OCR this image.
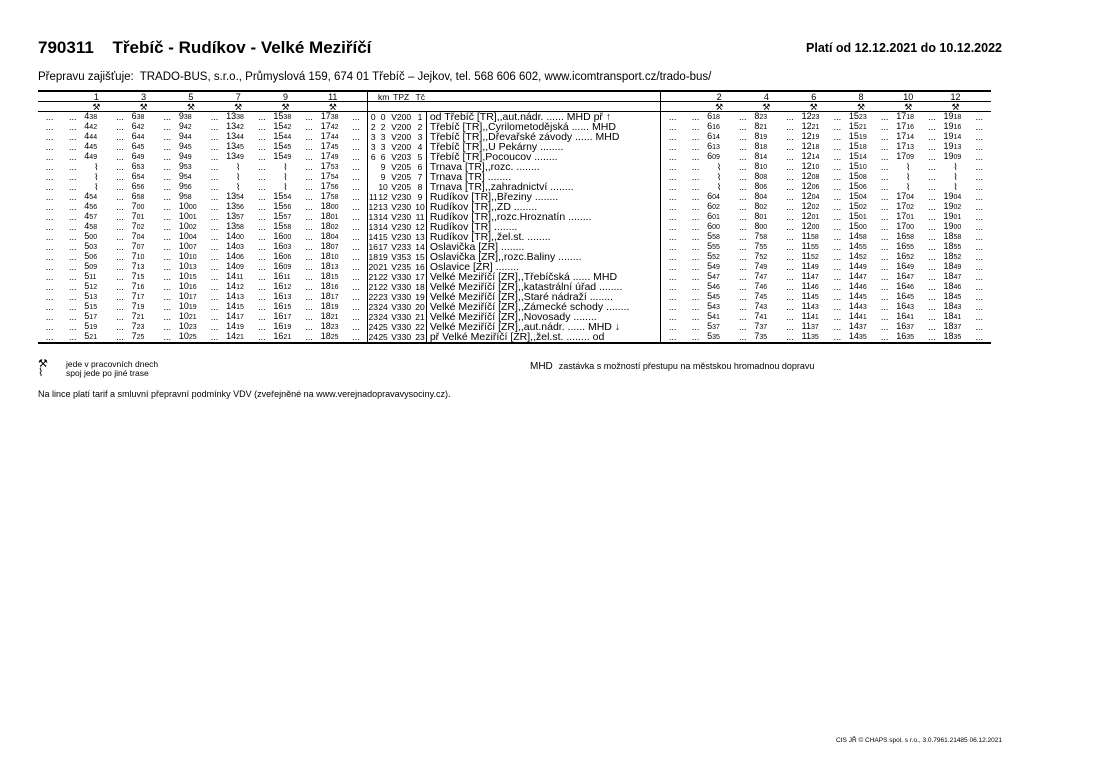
790311 Třebíč - Rudíkov - Velké Meziříčí	Platí od 12.12.2021 do 10.12.2022
Přepravu zajišťuje: TRADO-BUS, s.r.o., Průmyslová 159, 674 01 Třebíč – Jejkov, tel. 568 606 602, www.icomtransport.cz/trado-bus/
		1		3		5		7		9		11			km	TPZ	Tč				2		4		6		8		10		12	
		⚒		⚒		⚒		⚒		⚒		⚒									⚒		⚒		⚒		⚒		⚒		⚒	
...	...	438	...	638	...	938	...	1338	...	1538	...	1738	...	0	0	V200	1	od Třebíč [TR],,aut.nádr. ...... MHD př ↑	...	...	618	...	823	...	1223	...	1523	...	1718	...	1918	...
...	...	442	...	642	...	942	...	1342	...	1542	...	1742	...	2	2	V200	2	Třebíč [TR],,Cyrilometodějská ...... MHD	...	...	616	...	821	...	1221	...	1521	...	1716	...	1916	...
...	...	444	...	644	...	944	...	1344	...	1544	...	1744	...	3	3	V200	3	Třebíč [TR],,Dřevařské závody ...... MHD	...	...	614	...	819	...	1219	...	1519	...	1714	...	1914	...
...	...	445	...	645	...	945	...	1345	...	1545	...	1745	...	3	3	V200	4	Třebíč [TR],,U Pekárny ........	...	...	613	...	818	...	1218	...	1518	...	1713	...	1913	...
...	...	449	...	649	...	949	...	1349	...	1549	...	1749	...	6	6	V203	5	Třebíč [TR],Pocoucov ........	...	...	609	...	814	...	1214	...	1514	...	1709	...	1909	...
...	...	⌇	...	653	...	953	...	⌇	...	⌇	...	1753	...		9	V205	6	Trnava [TR],,rozc. ........	...	...	⌇	...	810	...	1210	...	1510	...	⌇	...	⌇	...
...	...	⌇	...	654	...	954	...	⌇	...	⌇	...	1754	...		9	V205	7	Trnava [TR] ........	...	...	⌇	...	808	...	1208	...	1508	...	⌇	...	⌇	...
...	...	⌇	...	656	...	956	...	⌇	...	⌇	...	1756	...		10	V205	8	Trnava [TR],,zahradnictví ........	...	...	⌇	...	806	...	1206	...	1506	...	⌇	...	⌇	...
...	...	454	...	658	...	958	...	1354	...	1554	...	1758	...	11	12	V230	9	Rudíkov [TR],,Březiny ........	...	...	604	...	804	...	1204	...	1504	...	1704	...	1904	...
...	...	456	...	700	...	1000	...	1356	...	1556	...	1800	...	12	13	V230	10	Rudíkov [TR],,ZD ........	...	...	602	...	802	...	1202	...	1502	...	1702	...	1902	...
...	...	457	...	701	...	1001	...	1357	...	1557	...	1801	...	13	14	V230	11	Rudíkov [TR],,rozc.Hroznatín ........	...	...	601	...	801	...	1201	...	1501	...	1701	...	1901	...
...	...	458	...	702	...	1002	...	1358	...	1558	...	1802	...	13	14	V230	12	Rudíkov [TR] ........	...	...	600	...	800	...	1200	...	1500	...	1700	...	1900	...
...	...	500	...	704	...	1004	...	1400	...	1600	...	1804	...	14	15	V230	13	Rudíkov [TR],,žel.st. ........	...	...	558	...	758	...	1158	...	1458	...	1658	...	1858	...
...	...	503	...	707	...	1007	...	1403	...	1603	...	1807	...	16	17	V233	14	Oslavička [ZR] ........	...	...	555	...	755	...	1155	...	1455	...	1655	...	1855	...
...	...	506	...	710	...	1010	...	1406	...	1606	...	1810	...	18	19	V353	15	Oslavička [ZR],,rozc.Baliny ........	...	...	552	...	752	...	1152	...	1452	...	1652	...	1852	...
...	...	509	...	713	...	1013	...	1409	...	1609	...	1813	...	20	21	V235	16	Oslavice [ZR] ........	...	...	549	...	749	...	1149	...	1449	...	1649	...	1849	...
...	...	511	...	715	...	1015	...	1411	...	1611	...	1815	...	21	22	V330	17	Velké Meziříčí [ZR],,Třebíčská ...... MHD	...	...	547	...	747	...	1147	...	1447	...	1647	...	1847	...
...	...	512	...	716	...	1016	...	1412	...	1612	...	1816	...	21	22	V330	18	Velké Meziříčí [ZR],,katastrální úřad ........	...	...	546	...	746	...	1146	...	1446	...	1646	...	1846	...
...	...	513	...	717	...	1017	...	1413	...	1613	...	1817	...	22	23	V330	19	Velké Meziříčí [ZR],,Staré nádraží ........	...	...	545	...	745	...	1145	...	1445	...	1645	...	1845	...
...	...	515	...	719	...	1019	...	1415	...	1615	...	1819	...	23	24	V330	20	Velké Meziříčí [ZR],,Zámecké schody ........	...	...	543	...	743	...	1143	...	1443	...	1643	...	1843	...
...	...	517	...	721	...	1021	...	1417	...	1617	...	1821	...	23	24	V330	21	Velké Meziříčí [ZR],,Novosady ........	...	...	541	...	741	...	1141	...	1441	...	1641	...	1841	...
...	...	519	...	723	...	1023	...	1419	...	1619	...	1823	...	24	25	V330	22	Velké Meziříčí [ZR],,aut.nádr. ...... MHD ↓	...	...	537	...	737	...	1137	...	1437	...	1637	...	1837	...
...	...	521	...	725	...	1025	...	1421	...	1621	...	1825	...	24	25	V330	23	př Velké Meziříčí [ZR],,žel.st. ........ od	...	...	535	...	735	...	1135	...	1435	...	1635	...	1835	...
⚒	jede v pracovních dnech
⌇	spoj jede po jiné trase
MHD zastávka s možností přestupu na městskou hromadnou dopravu
Na lince platí tarif a smluvní přepravní podmínky VDV (zveřejněné na www.verejnadopravavysociny.cz).
CIS JŘ © CHAPS spol. s r.o., 3.0.7961.21485 06.12.2021
